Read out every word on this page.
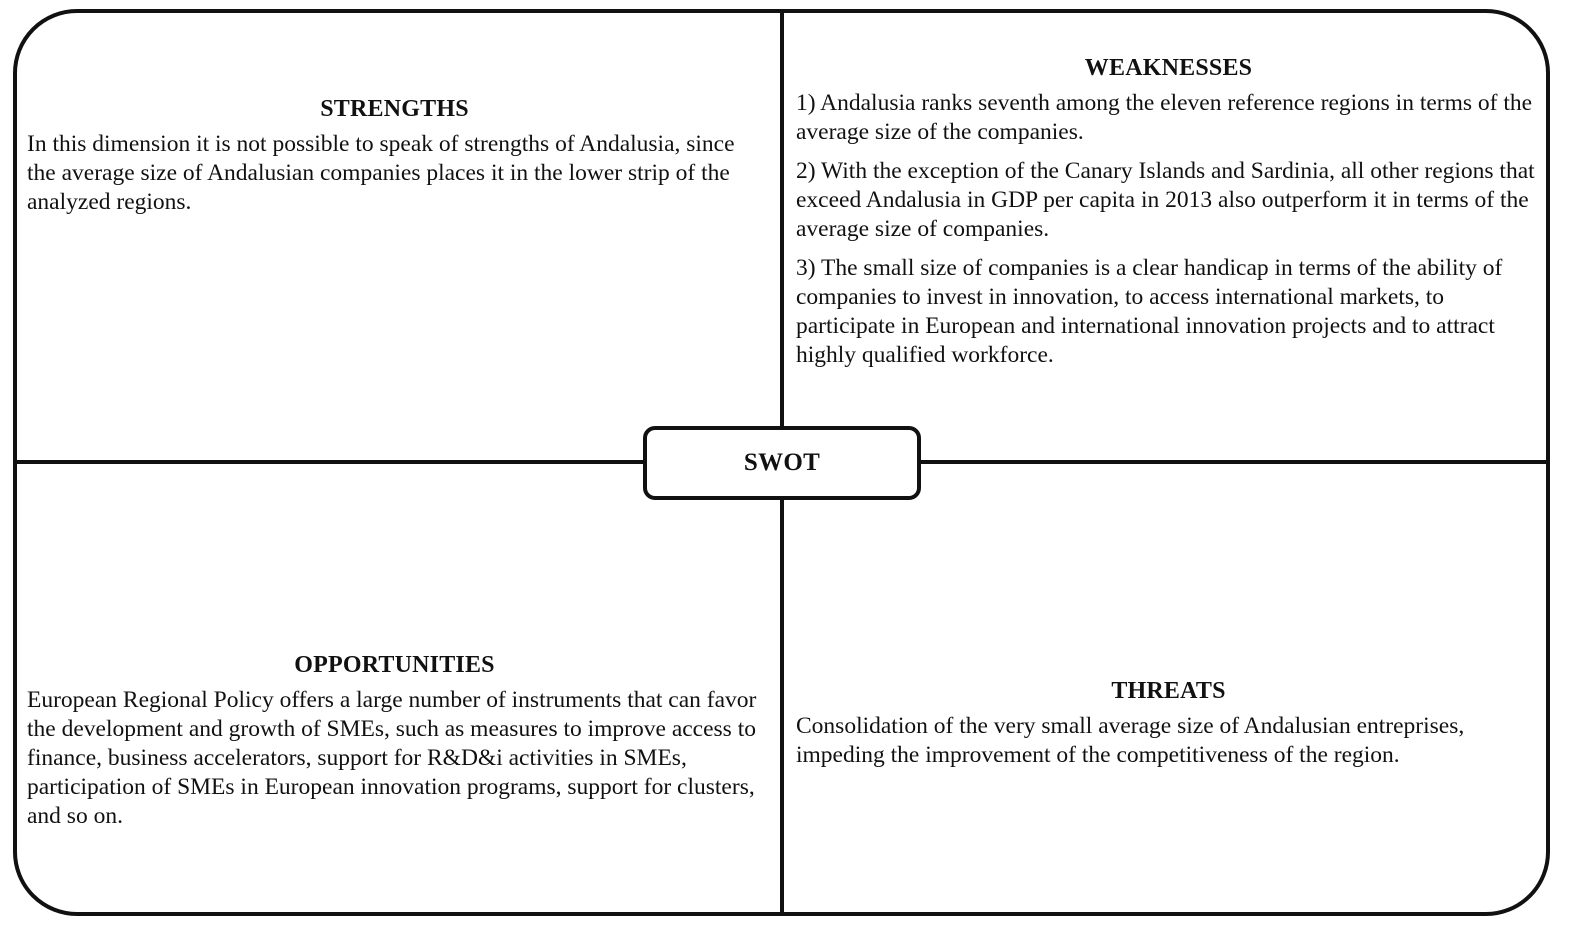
STRENGTHS

In this dimension it is not possible to speak of strengths of Andalusia, since the average size of Andalusian companies places it in the lower strip of the analyzed regions.

WEAKNESSES

1) Andalusia ranks seventh among the eleven reference regions in terms of the average size of the companies.

2) With the exception of the Canary Islands and Sardinia, all other regions that exceed Andalusia in GDP per capita in 2013 also outperform it in terms of the average size of companies.

3) The small size of companies is a clear handicap in terms of the ability of companies to invest in innovation, to access international markets, to participate in European and international innovation projects and to attract highly qualified workforce.

OPPORTUNITIES

European Regional Policy offers a large number of instruments that can favor the development and growth of SMEs, such as measures to improve access to finance, business accelerators, support for R&D&i activities in SMEs, participation of SMEs in European innovation programs, support for clusters, and so on.

THREATS

Consolidation of the very small average size of Andalusian entreprises, impeding the improvement of the competitiveness of the region.

SWOT
